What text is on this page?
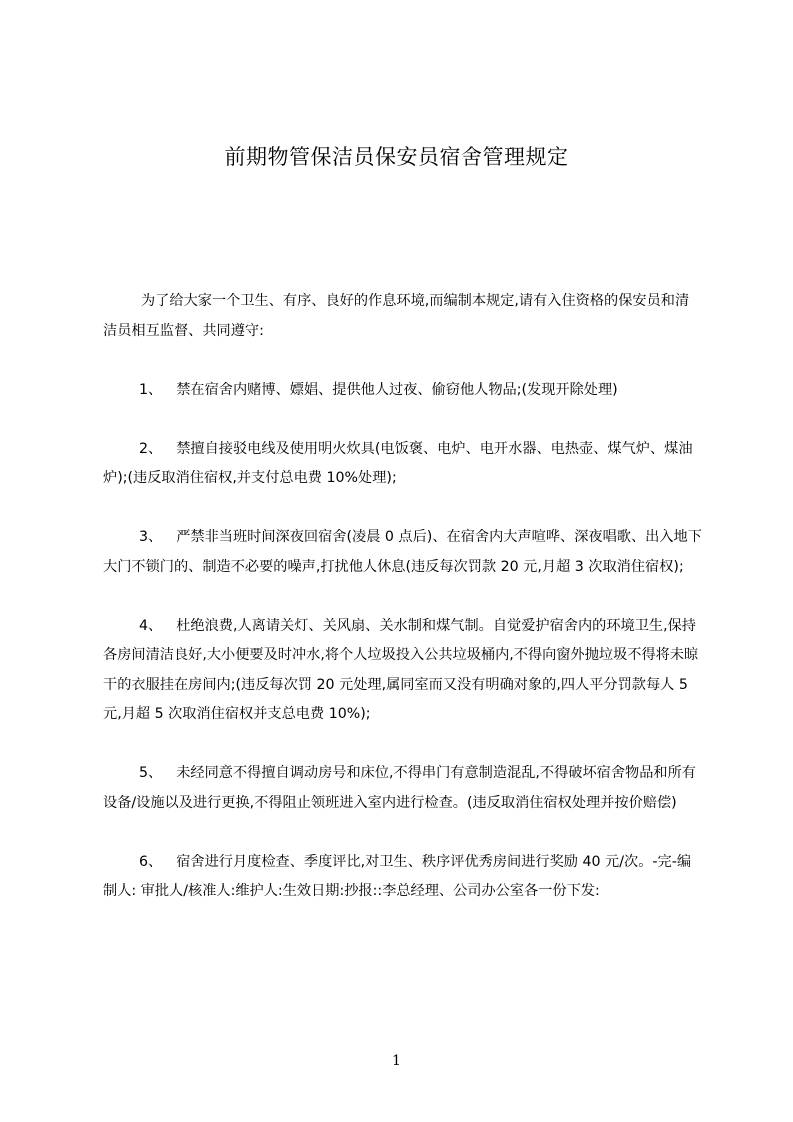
前期物管保洁员保安员宿舍管理规定

为了给大家一个卫生、有序、良好的作息环境,而编制本规定,请有入住资格的保安员和清洁员相互监督、共同遵守:

1、 禁在宿舍内赌博、嫖娼、提供他人过夜、偷窃他人物品;(发现开除处理)

2、 禁擅自接驳电线及使用明火炊具(电饭褒、电炉、电开水器、电热壶、煤气炉、煤油炉);(违反取消住宿权,并支付总电费 10%处理);

3、 严禁非当班时间深夜回宿舍(凌晨 0 点后)、在宿舍内大声喧哗、深夜唱歌、出入地下大门不锁门的、制造不必要的噪声,打扰他人休息(违反每次罚款 20 元,月超 3 次取消住宿权);

4、 杜绝浪费,人离请关灯、关风扇、关水制和煤气制。自觉爱护宿舍内的环境卫生,保持各房间清洁良好,大小便要及时冲水,将个人垃圾投入公共垃圾桶内,不得向窗外抛垃圾不得将未晾干的衣服挂在房间内;(违反每次罚 20 元处理,属同室而又没有明确对象的,四人平分罚款每人 5 元,月超 5 次取消住宿权并支总电费 10%);

5、 未经同意不得擅自调动房号和床位,不得串门有意制造混乱,不得破坏宿舍物品和所有设备/设施以及进行更换,不得阻止领班进入室内进行检查。(违反取消住宿权处理并按价赔偿)

6、 宿舍进行月度检查、季度评比,对卫生、秩序评优秀房间进行奖励 40 元/次。-完-编制人: 审批人/核准人:维护人:生效日期:抄报::李总经理、公司办公室各一份下发:

1
